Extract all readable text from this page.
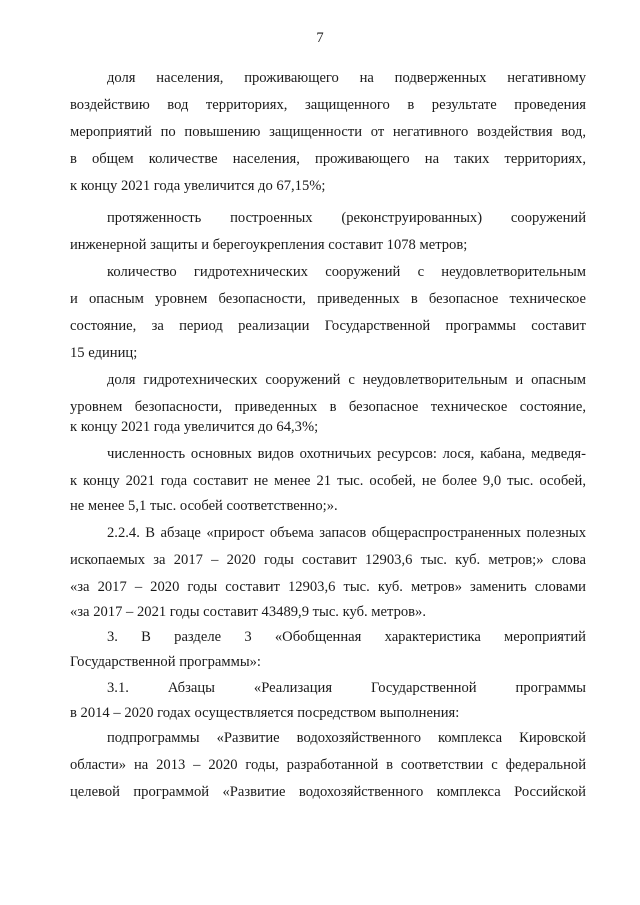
7
доля населения, проживающего на подверженных негативному
воздействию вод территориях, защищенного в результате проведения
мероприятий по повышению защищенности от негативного воздействия вод,
в общем количестве населения, проживающего на таких территориях,
к концу 2021 года увеличится до 67,15%;
протяженность построенных (реконструированных) сооружений
инженерной защиты и берегоукрепления составит 1078 метров;
количество гидротехнических сооружений с неудовлетворительным
и опасным уровнем безопасности, приведенных в безопасное техническое
состояние, за период реализации Государственной программы составит
15 единиц;
доля гидротехнических сооружений с неудовлетворительным и опасным
уровнем безопасности, приведенных в безопасное техническое состояние,
к концу 2021 года увеличится до 64,3%;
численность основных видов охотничьих ресурсов: лося, кабана, медведя-
к концу 2021 года составит не менее 21 тыс. особей, не более 9,0 тыс. особей,
не менее 5,1 тыс. особей соответственно;».
2.2.4. В абзаце «прирост объема запасов общераспространенных полезных
ископаемых за 2017 – 2020 годы составит 12903,6 тыс. куб. метров;» слова
«за 2017 – 2020 годы составит 12903,6 тыс. куб. метров» заменить словами
«за 2017 – 2021 годы составит 43489,9 тыс. куб. метров».
3. В разделе 3 «Обобщенная характеристика мероприятий
Государственной программы»:
3.1. Абзацы «Реализация Государственной программы
в 2014 – 2020 годах осуществляется посредством выполнения:
подпрограммы «Развитие водохозяйственного комплекса Кировской
области» на 2013 – 2020 годы, разработанной в соответствии с федеральной
целевой программой «Развитие водохозяйственного комплекса Российской
